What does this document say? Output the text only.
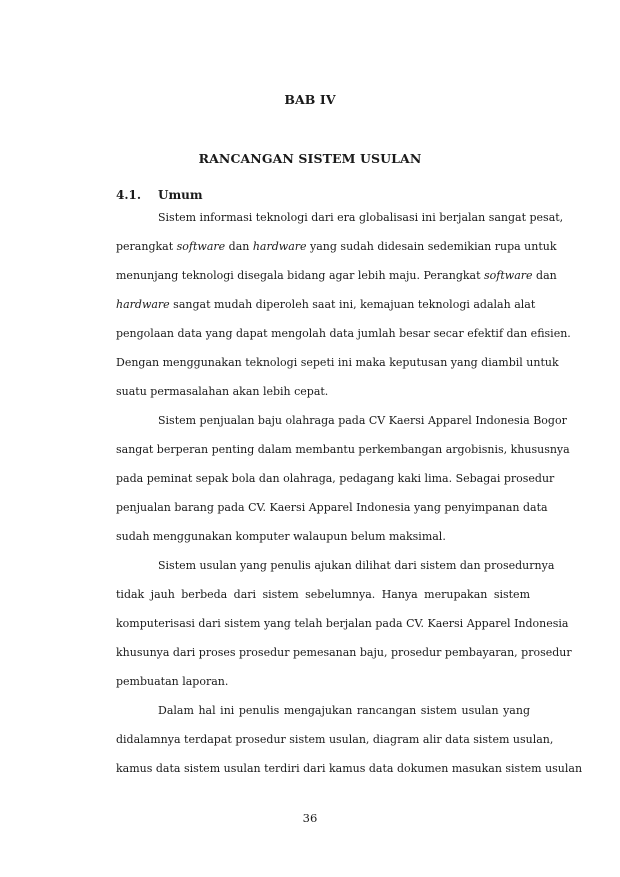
BAB IV
RANCANGAN SISTEM USULAN
4.1. Umum
Sistem informasi teknologi dari era globalisasi ini berjalan sangat pesat,
perangkat software dan hardware yang sudah didesain sedemikian rupa untuk
menunjang teknologi disegala bidang agar lebih maju. Perangkat software dan
hardware sangat mudah diperoleh saat ini, kemajuan teknologi adalah alat
pengolaan data yang dapat mengolah data jumlah besar secar efektif dan efisien.
Dengan menggunakan teknologi sepeti ini maka keputusan yang diambil untuk
suatu permasalahan akan lebih cepat.
Sistem penjualan baju olahraga pada CV Kaersi Apparel Indonesia Bogor
sangat berperan penting dalam membantu perkembangan argobisnis, khususnya
pada peminat sepak bola dan olahraga, pedagang kaki lima. Sebagai prosedur
penjualan barang pada CV. Kaersi Apparel Indonesia yang penyimpanan data
sudah menggunakan komputer walaupun belum maksimal.
Sistem usulan yang penulis ajukan dilihat dari sistem dan prosedurnya
tidak jauh berbeda dari sistem sebelumnya. Hanya merupakan sistem
komputerisasi dari sistem yang telah berjalan pada CV. Kaersi Apparel Indonesia
khusunya dari proses prosedur pemesanan baju, prosedur pembayaran, prosedur
pembuatan laporan.
Dalam hal ini penulis mengajukan rancangan sistem usulan yang
didalamnya terdapat prosedur sistem usulan, diagram alir data sistem usulan,
kamus data sistem usulan terdiri dari kamus data dokumen masukan sistem usulan
36
